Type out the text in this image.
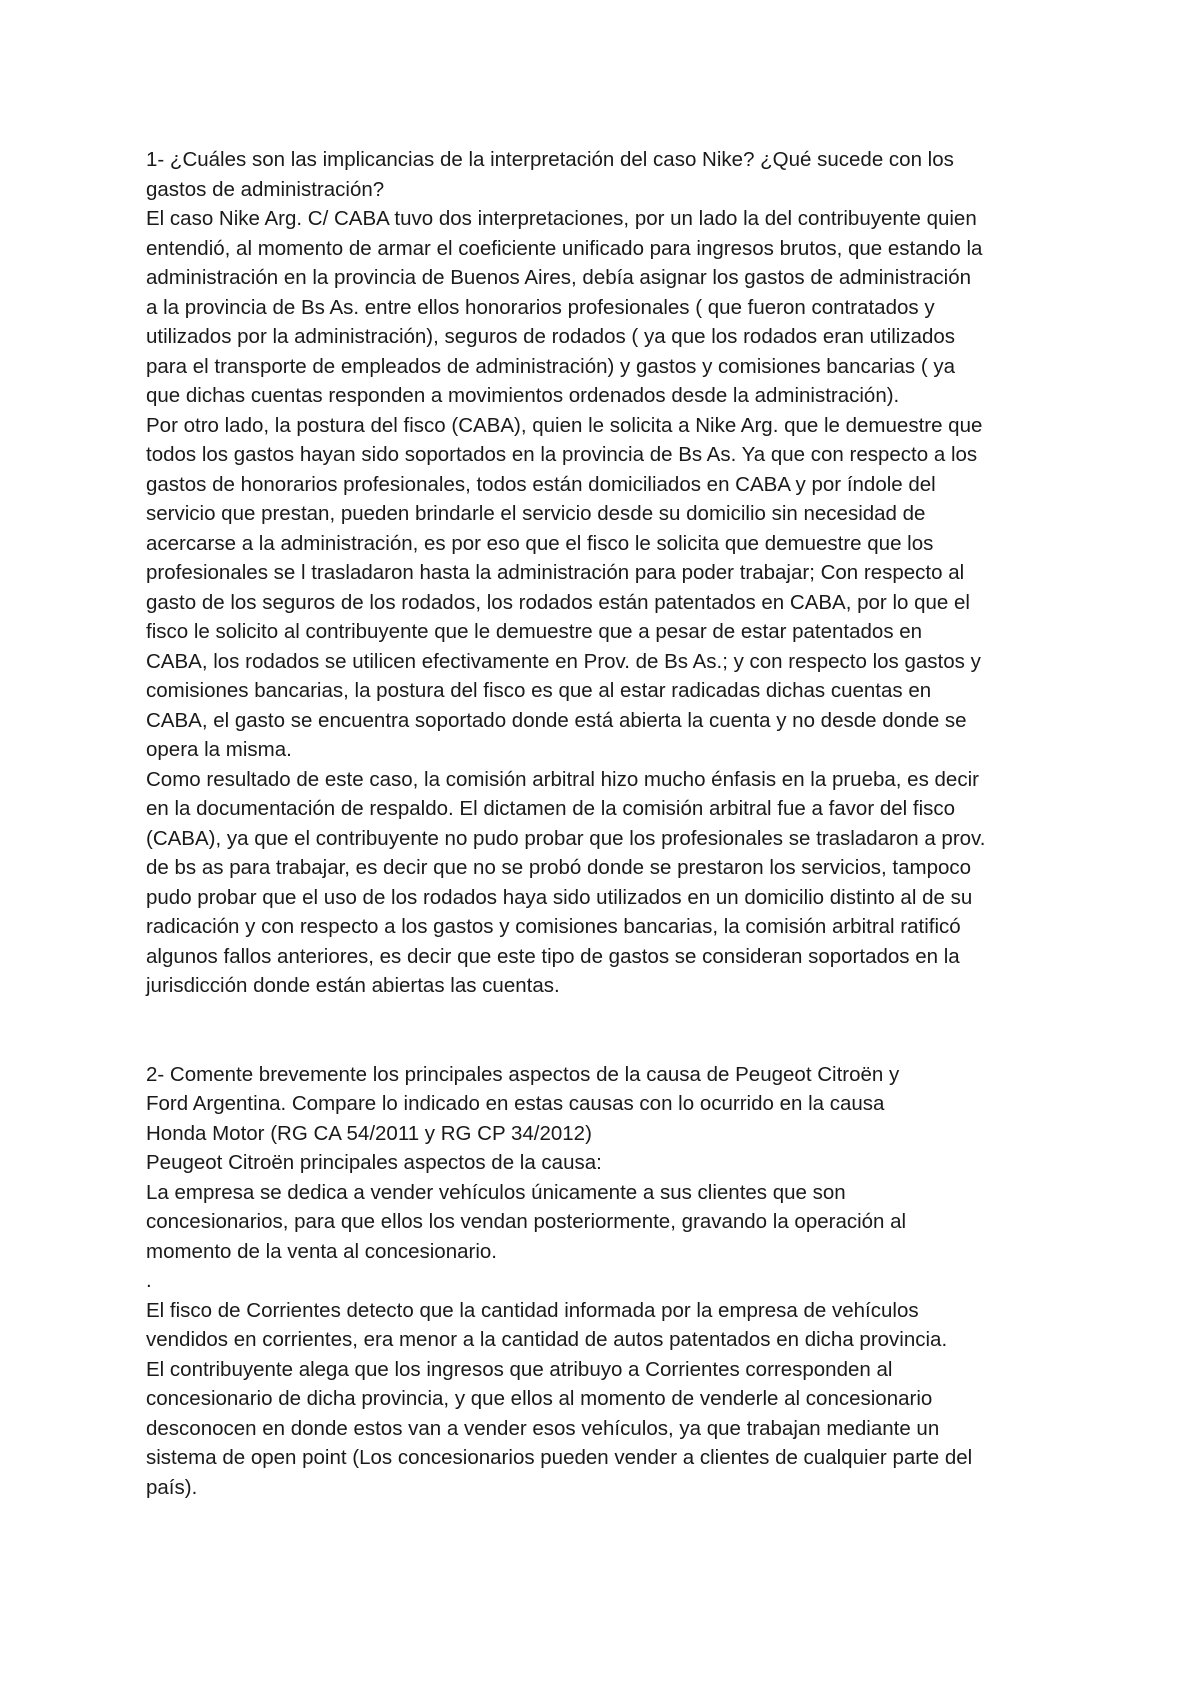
1- ¿Cuáles son las implicancias de la interpretación del caso Nike? ¿Qué sucede con los
gastos de administración?
El caso Nike Arg. C/ CABA tuvo dos interpretaciones, por un lado la del contribuyente quien
entendió, al momento de armar el coeficiente unificado para ingresos brutos, que estando la
administración en la provincia de Buenos Aires, debía asignar los gastos de administración
a la provincia de Bs As. entre ellos honorarios profesionales ( que fueron contratados y
utilizados por la administración), seguros de rodados ( ya que los rodados eran utilizados
para el transporte de empleados de administración) y gastos y comisiones bancarias ( ya
que dichas cuentas responden a movimientos ordenados desde la administración).
Por otro lado, la postura del fisco (CABA), quien le solicita a Nike Arg. que le demuestre que
todos los gastos hayan sido soportados en la provincia de Bs As. Ya que con respecto a los
gastos de honorarios profesionales, todos están domiciliados en CABA y por índole del
servicio que prestan, pueden brindarle el servicio desde su domicilio sin necesidad de
acercarse a la administración, es por eso que el fisco le solicita que demuestre que los
profesionales se l trasladaron hasta la administración para poder trabajar; Con respecto al
gasto de los seguros de los rodados, los rodados están patentados en CABA, por lo que el
fisco le solicito al contribuyente que le demuestre que a pesar de estar patentados en
CABA, los rodados se utilicen efectivamente en Prov. de Bs As.; y con respecto los gastos y
comisiones bancarias, la postura del fisco es que al estar radicadas dichas cuentas en
CABA, el gasto se encuentra soportado donde está abierta la cuenta y no desde donde se
opera la misma.
Como resultado de este caso, la comisión arbitral hizo mucho énfasis en la prueba, es decir
en la documentación de respaldo. El dictamen de la comisión arbitral fue a favor del fisco
(CABA), ya que el contribuyente no pudo probar que los profesionales se trasladaron a prov.
de bs as para trabajar, es decir que no se probó donde se prestaron los servicios, tampoco
pudo probar que el uso de los rodados haya sido utilizados en un domicilio distinto al de su
radicación y con respecto a los gastos y comisiones bancarias, la comisión arbitral ratificó
algunos fallos anteriores, es decir que este tipo de gastos se consideran soportados en la
jurisdicción donde están abiertas las cuentas.
2- Comente brevemente los principales aspectos de la causa de Peugeot Citroën y
Ford Argentina. Compare lo indicado en estas causas con lo ocurrido en la causa
Honda Motor (RG CA 54/2011 y RG CP 34/2012)
Peugeot Citroën principales aspectos de la causa:
La empresa se dedica a vender vehículos únicamente a sus clientes que son
concesionarios, para que ellos los vendan posteriormente, gravando la operación al
momento de la venta al concesionario.
.
El fisco de Corrientes detecto que la cantidad informada por la empresa de vehículos
vendidos en corrientes, era menor a la cantidad de autos patentados en dicha provincia.
El contribuyente alega que los ingresos que atribuyo a Corrientes corresponden al
concesionario de dicha provincia, y que ellos al momento de venderle al concesionario
desconocen en donde estos van a vender esos vehículos, ya que trabajan mediante un
sistema de open point (Los concesionarios pueden vender a clientes de cualquier parte del
país).
